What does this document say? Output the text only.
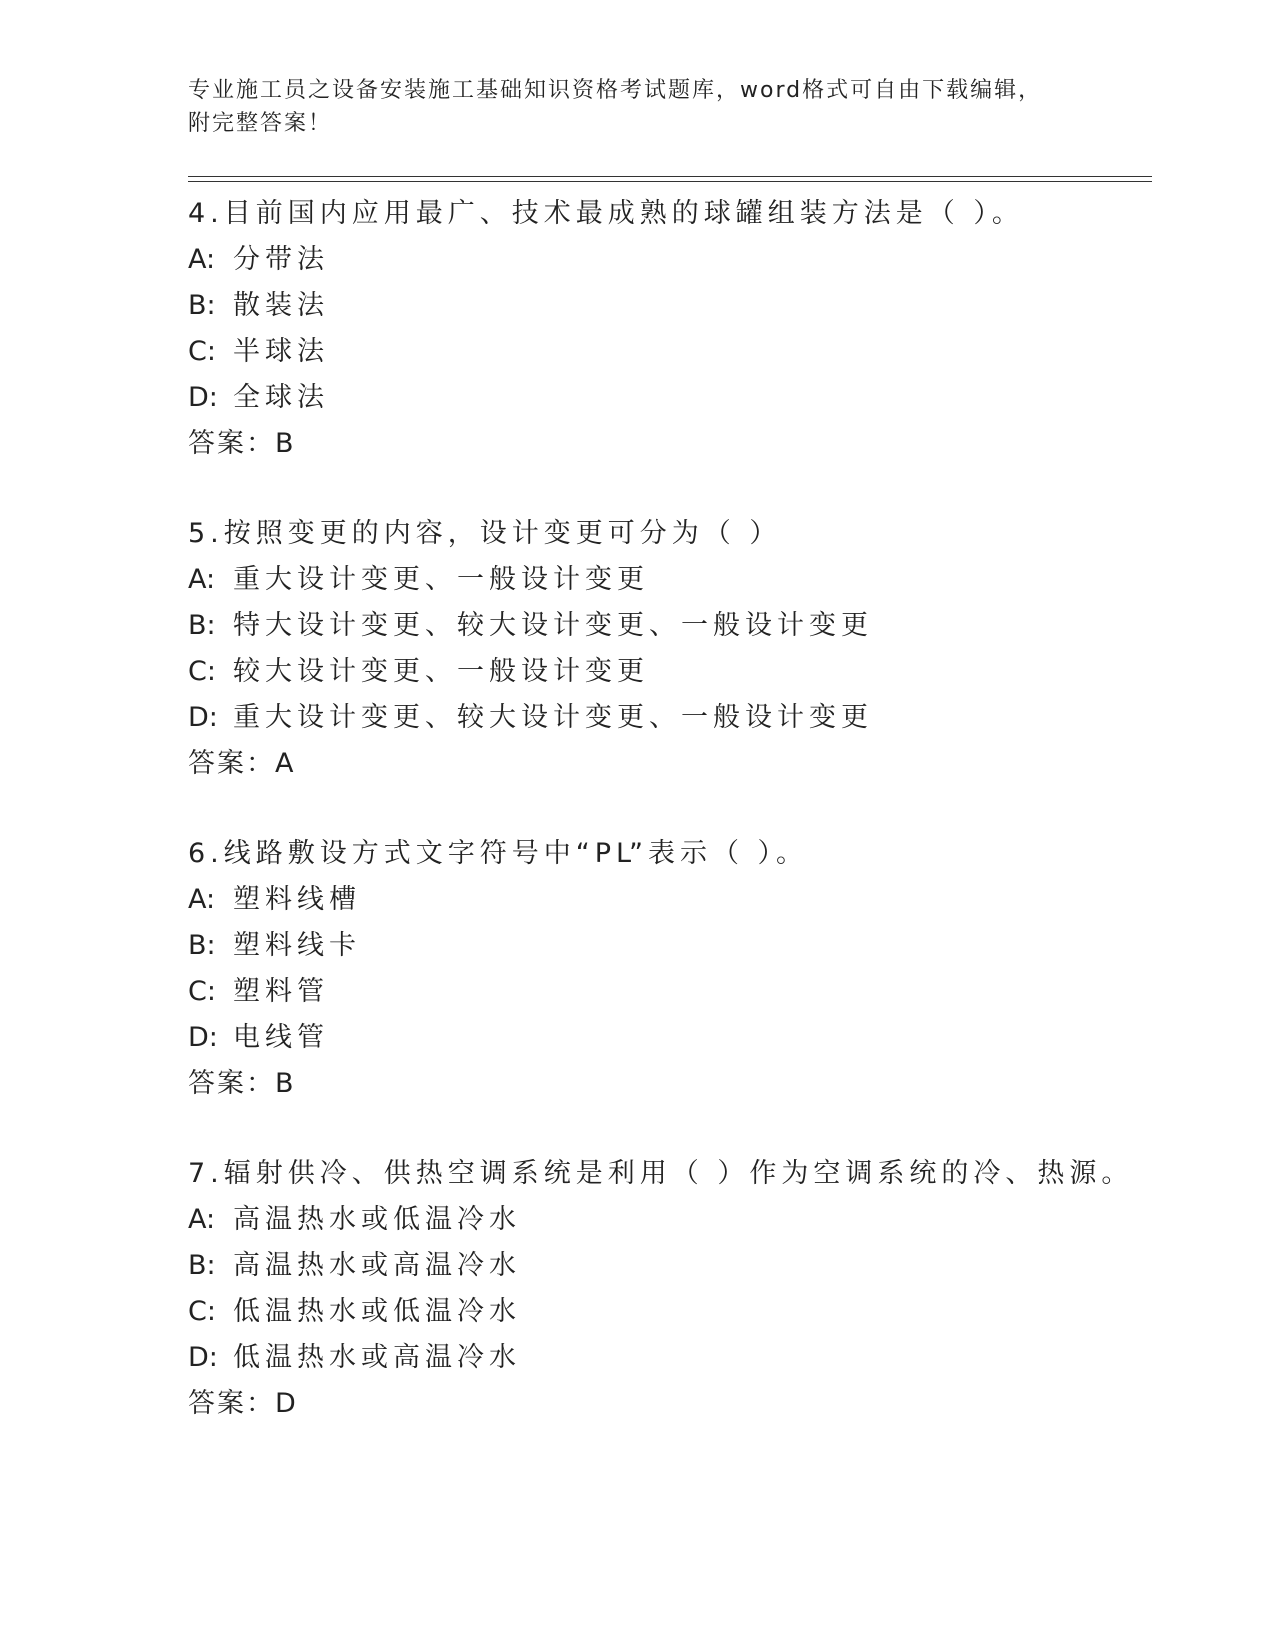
专业施工员之设备安装施工基础知识资格考试题库，word格式可自由下载编辑，
附完整答案！
4.目前国内应用最广、技术最成熟的球罐组装方法是（ ）。
A: 分带法
B: 散装法
C: 半球法
D: 全球法
答案：B
5.按照变更的内容，设计变更可分为（ ）
A: 重大设计变更、一般设计变更
B: 特大设计变更、较大设计变更、一般设计变更
C: 较大设计变更、一般设计变更
D: 重大设计变更、较大设计变更、一般设计变更
答案：A
6.线路敷设方式文字符号中“PL”表示（ ）。
A: 塑料线槽
B: 塑料线卡
C: 塑料管
D: 电线管
答案：B
7.辐射供冷、供热空调系统是利用（ ）作为空调系统的冷、热源。
A: 高温热水或低温冷水
B: 高温热水或高温冷水
C: 低温热水或低温冷水
D: 低温热水或高温冷水
答案：D
